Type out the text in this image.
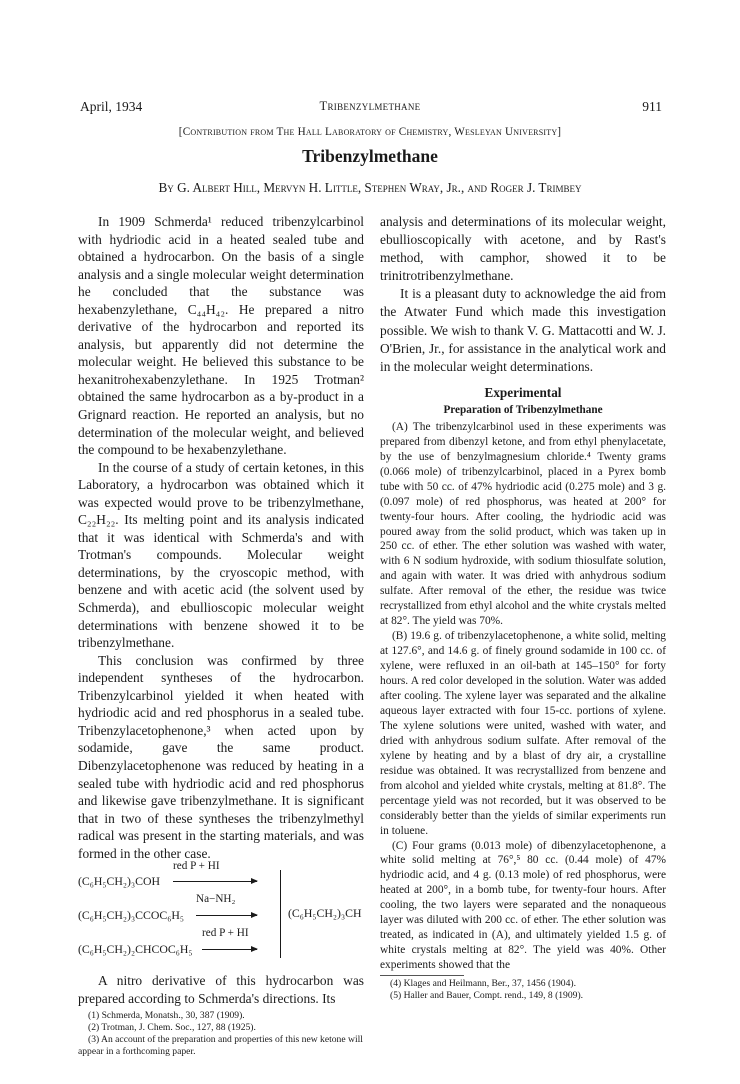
April, 1934	Tribenzylmethane	911
[Contribution from The Hall Laboratory of Chemistry, Wesleyan University]
Tribenzylmethane
By G. Albert Hill, Mervyn H. Little, Stephen Wray, Jr., and Roger J. Trimbey

In 1909 Schmerda¹ reduced tribenzylcarbinol with hydriodic acid in a heated sealed tube and obtained a hydrocarbon. On the basis of a single analysis and a single molecular weight determination he concluded that the substance was hexabenzylethane, C₄₄H₄₂. He prepared a nitro derivative of the hydrocarbon and reported its analysis, but apparently did not determine the molecular weight. He believed this substance to be hexanitrohexabenzylethane. In 1925 Trotman² obtained the same hydrocarbon as a by-product in a Grignard reaction. He reported an analysis, but no determination of the molecular weight, and believed the compound to be hexabenzylethane.

In the course of a study of certain ketones, in this Laboratory, a hydrocarbon was obtained which it was expected would prove to be tribenzylmethane, C₂₂H₂₂. Its melting point and its analysis indicated that it was identical with Schmerda's and with Trotman's compounds. Molecular weight determinations, by the cryoscopic method, with benzene and with acetic acid (the solvent used by Schmerda), and ebullioscopic molecular weight determinations with benzene showed it to be tribenzylmethane.

This conclusion was confirmed by three independent syntheses of the hydrocarbon. Tribenzylcarbinol yielded it when heated with hydriodic acid and red phosphorus in a sealed tube. Tribenzylacetophenone,³ when acted upon by sodamide, gave the same product. Dibenzylacetophenone was reduced by heating in a sealed tube with hydriodic acid and red phosphorus and likewise gave tribenzylmethane. It is significant that in two of these syntheses the tribenzylmethyl radical was present in the starting materials, and was formed in the other case.

(C₆H₅CH₂)₃COH
red P + HI
(C₆H₅CH₂)₃CCOC₆H₅
Na−NH₂
(C₆H₅CH₂)₂CHCOC₆H₅
red P + HI
(C₆H₅CH₂)₃CH

A nitro derivative of this hydrocarbon was prepared according to Schmerda's directions. Its

(1) Schmerda, Monatsh., 30, 387 (1909).

(2) Trotman, J. Chem. Soc., 127, 88 (1925).

(3) An account of the preparation and properties of this new ketone will appear in a forthcoming paper.

analysis and determinations of its molecular weight, ebullioscopically with acetone, and by Rast's method, with camphor, showed it to be trinitrotribenzylmethane.

It is a pleasant duty to acknowledge the aid from the Atwater Fund which made this investigation possible. We wish to thank V. G. Mattacotti and W. J. O'Brien, Jr., for assistance in the analytical work and in the molecular weight determinations.

Experimental
Preparation of Tribenzylmethane

(A) The tribenzylcarbinol used in these experiments was prepared from dibenzyl ketone, and from ethyl phenylacetate, by the use of benzylmagnesium chloride.⁴ Twenty grams (0.066 mole) of tribenzylcarbinol, placed in a Pyrex bomb tube with 50 cc. of 47% hydriodic acid (0.275 mole) and 3 g. (0.097 mole) of red phosphorus, was heated at 200° for twenty-four hours. After cooling, the hydriodic acid was poured away from the solid product, which was taken up in 250 cc. of ether. The ether solution was washed with water, with 6 N sodium hydroxide, with sodium thiosulfate solution, and again with water. It was dried with anhydrous sodium sulfate. After removal of the ether, the residue was twice recrystallized from ethyl alcohol and the white crystals melted at 82°. The yield was 70%.

(B) 19.6 g. of tribenzylacetophenone, a white solid, melting at 127.6°, and 14.6 g. of finely ground sodamide in 100 cc. of xylene, were refluxed in an oil-bath at 145–150° for forty hours. A red color developed in the solution. Water was added after cooling. The xylene layer was separated and the alkaline aqueous layer extracted with four 15-cc. portions of xylene. The xylene solutions were united, washed with water, and dried with anhydrous sodium sulfate. After removal of the xylene by heating and by a blast of dry air, a crystalline residue was obtained. It was recrystallized from benzene and from alcohol and yielded white crystals, melting at 81.8°. The percentage yield was not recorded, but it was observed to be considerably better than the yields of similar experiments run in toluene.

(C) Four grams (0.013 mole) of dibenzylacetophenone, a white solid melting at 76°,⁵ 80 cc. (0.44 mole) of 47% hydriodic acid, and 4 g. (0.13 mole) of red phosphorus, were heated at 200°, in a bomb tube, for twenty-four hours. After cooling, the two layers were separated and the nonaqueous layer was diluted with 200 cc. of ether. The ether solution was treated, as indicated in (A), and ultimately yielded 1.5 g. of white crystals melting at 82°. The yield was 40%. Other experiments showed that the

(4) Klages and Heilmann, Ber., 37, 1456 (1904).

(5) Haller and Bauer, Compt. rend., 149, 8 (1909).
